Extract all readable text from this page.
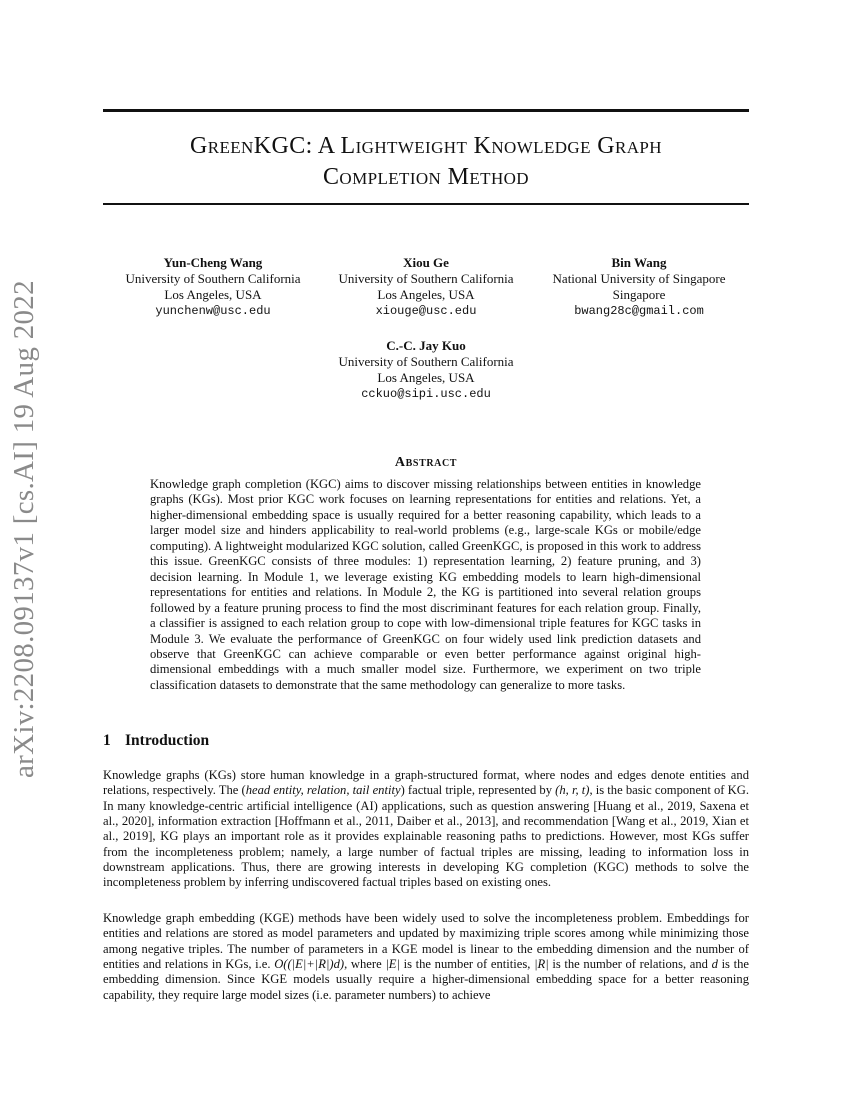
arXiv:2208.09137v1 [cs.AI] 19 Aug 2022
GreenKGC: A Lightweight Knowledge Graph
Completion Method
Yun-Cheng Wang
University of Southern California
Los Angeles, USA
yunchenw@usc.edu
Xiou Ge
University of Southern California
Los Angeles, USA
xiouge@usc.edu
Bin Wang
National University of Singapore
Singapore
bwang28c@gmail.com
C.-C. Jay Kuo
University of Southern California
Los Angeles, USA
cckuo@sipi.usc.edu
Abstract
Knowledge graph completion (KGC) aims to discover missing relationships between entities in knowledge graphs (KGs). Most prior KGC work focuses on learning representations for entities and relations. Yet, a higher-dimensional embedding space is usually required for a better reasoning capability, which leads to a larger model size and hinders applicability to real-world problems (e.g., large-scale KGs or mobile/edge computing). A lightweight modularized KGC solution, called GreenKGC, is proposed in this work to address this issue. GreenKGC consists of three modules: 1) representation learning, 2) feature pruning, and 3) decision learning. In Module 1, we leverage existing KG embedding models to learn high-dimensional representations for entities and relations. In Module 2, the KG is partitioned into several relation groups followed by a feature pruning process to find the most discriminant features for each relation group. Finally, a classifier is assigned to each relation group to cope with low-dimensional triple features for KGC tasks in Module 3. We evaluate the performance of GreenKGC on four widely used link prediction datasets and observe that GreenKGC can achieve comparable or even better performance against original high-dimensional embeddings with a much smaller model size. Furthermore, we experiment on two triple classification datasets to demonstrate that the same methodology can generalize to more tasks.
1 Introduction
Knowledge graphs (KGs) store human knowledge in a graph-structured format, where nodes and edges denote entities and relations, respectively. The (head entity, relation, tail entity) factual triple, represented by (h, r, t), is the basic component of KG. In many knowledge-centric artificial intelligence (AI) applications, such as question answering [Huang et al., 2019, Saxena et al., 2020], information extraction [Hoffmann et al., 2011, Daiber et al., 2013], and recommendation [Wang et al., 2019, Xian et al., 2019], KG plays an important role as it provides explainable reasoning paths to predictions. However, most KGs suffer from the incompleteness problem; namely, a large number of factual triples are missing, leading to information loss in downstream applications. Thus, there are growing interests in developing KG completion (KGC) methods to solve the incompleteness problem by inferring undiscovered factual triples based on existing ones.
Knowledge graph embedding (KGE) methods have been widely used to solve the incompleteness problem. Embeddings for entities and relations are stored as model parameters and updated by maximizing triple scores among while minimizing those among negative triples. The number of parameters in a KGE model is linear to the embedding dimension and the number of entities and relations in KGs, i.e. O((|E|+|R|)d), where |E| is the number of entities, |R| is the number of relations, and d is the embedding dimension. Since KGE models usually require a higher-dimensional embedding space for a better reasoning capability, they require large model sizes (i.e. parameter numbers) to achieve
